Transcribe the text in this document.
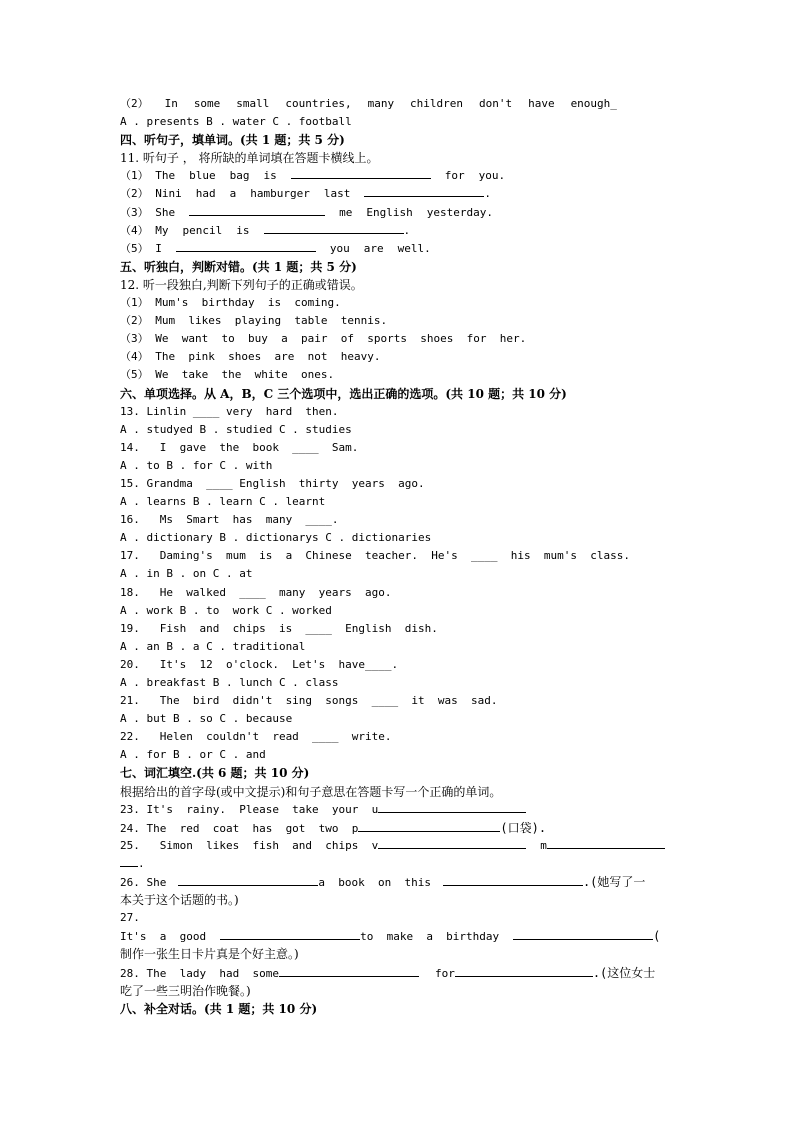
（2） In some small countries, many children don't have enough_
A . presents B . water C . football
四、听句子，填单词。(共 1 题；共 5 分)
11. 听句子 ， 将所缺的单词填在答题卡横线上。
（1） The blue bag is	for you.
（2） Nini had a hamburger last	.
（3） She	me English yesterday.
（4） My pencil is	.
（5） I	you are well.
五、听独白，判断对错。(共 1 题；共 5 分)
12. 听一段独白,判断下列句子的正确或错误。
（1） Mum's birthday is coming.
（2） Mum likes playing table tennis.
（3） We want to buy a pair of sports shoes for her.
（4） The pink shoes are not heavy.
（5） We take the white ones.
六、单项选择。从 A，B，C 三个选项中，选出正确的选项。(共 10 题；共 10 分)
13. Linlin ____ very  hard  then.
A . studyed B . studied C . studies
14.   I  gave  the  book  ____  Sam.
A . to B . for C . with
15. Grandma  ____ English  thirty  years  ago.
A . learns B . learn C . learnt
16.   Ms  Smart  has  many  ____.
A . dictionary B . dictionarys C . dictionaries
17.   Daming's  mum  is  a  Chinese  teacher.  He's  ____  his  mum's  class.
A . in B . on C . at
18.   He  walked  ____  many  years  ago.
A . work B . to  work C . worked
19.   Fish  and  chips  is  ____  English  dish.
A . an B . a C . traditional
20.   It's  12  o'clock.  Let's  have____.
A . breakfast B . lunch C . class
21.   The  bird  didn't  sing  songs  ____  it  was  sad.
A . but B . so C . because
22.   Helen  couldn't  read  ____  write.
A . for B . or C . and
七、词汇填空.(共 6 题；共 10 分)
根据给出的首字母(或中文提示)和句子意思在答题卡写一个正确的单词。
23. It's  rainy.  Please  take  your  u
24. The  red  coat  has  got  two  p	(口袋).
25.   Simon  likes  fish  and  chips  v	m
.
26. She	a  book  on  this	.(她写了一
本关于这个话题的书。)
27.
It's  a  good	to  make  a  birthday	(
制作一张生日卡片真是个好主意。)
28. The  lady  had  some	for	.(这位女士
吃了一些三明治作晚餐。)
八、补全对话。(共 1 题；共 10 分)
